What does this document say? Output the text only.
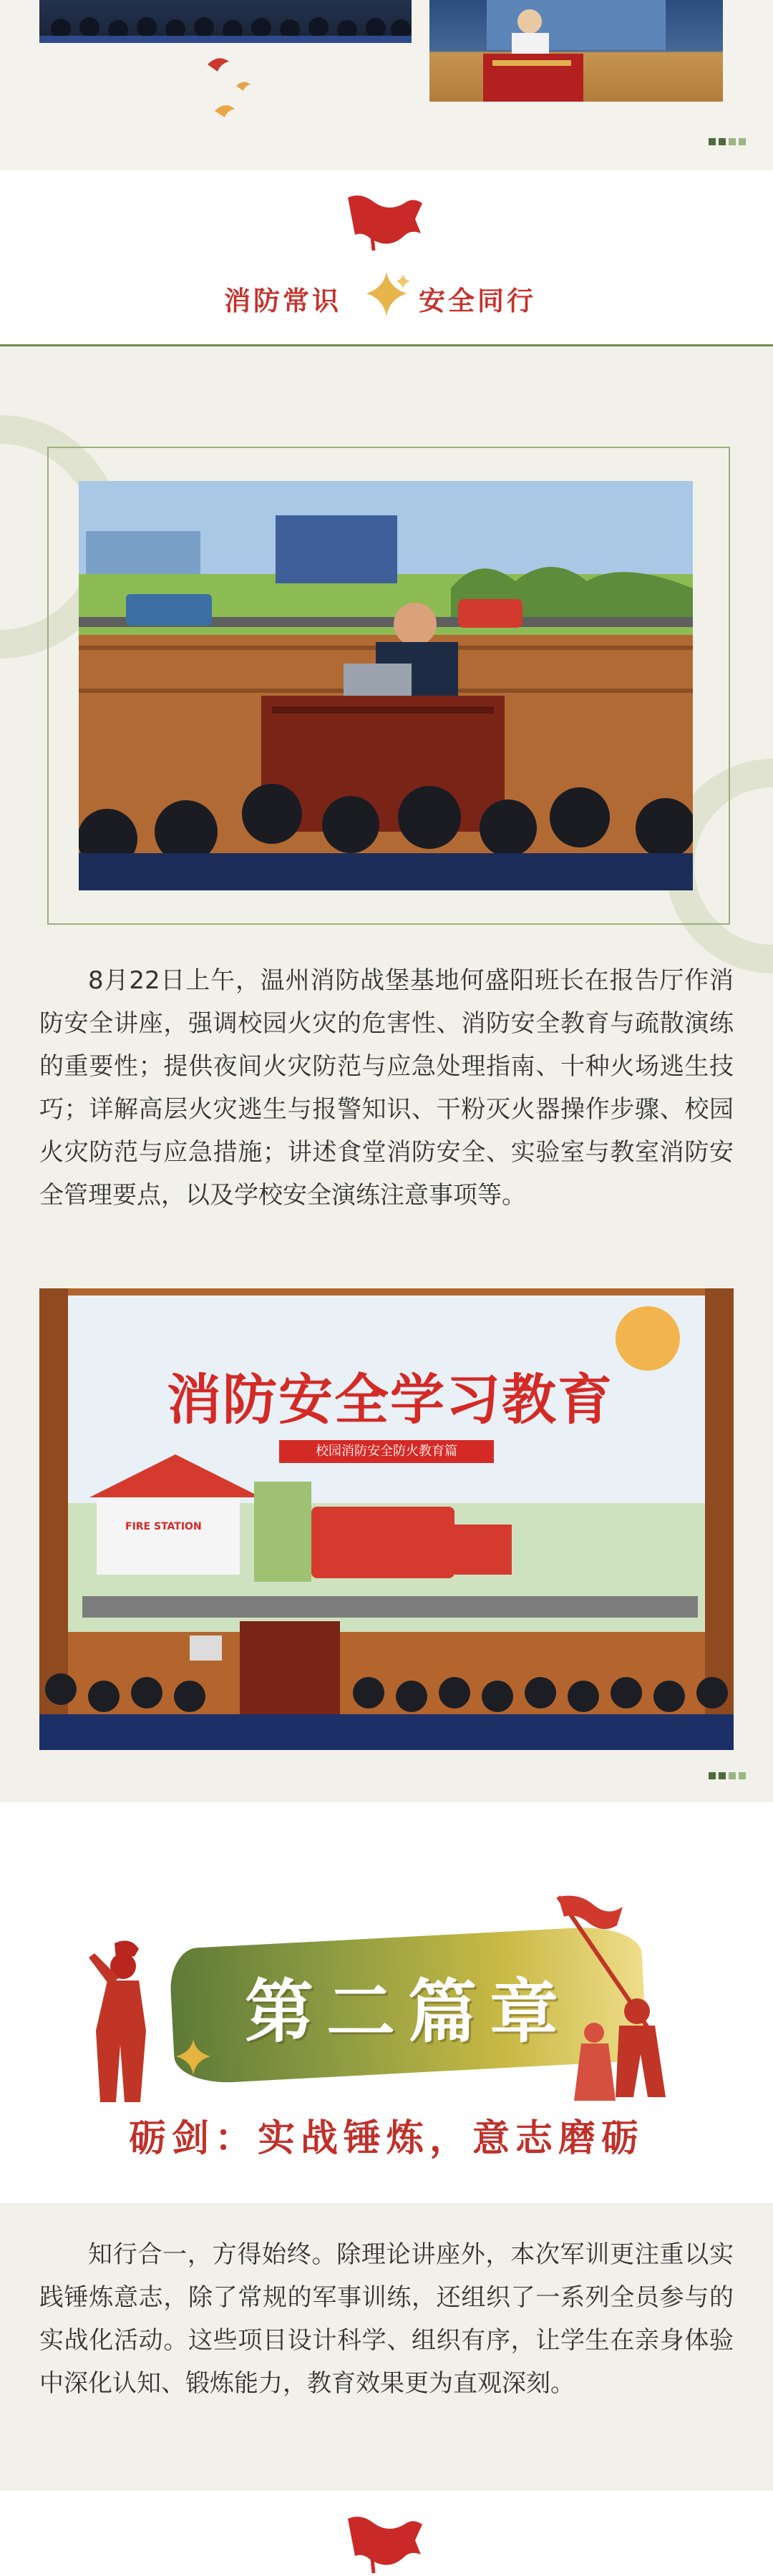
消防常识	安全同行
8月22日上午，温州消防战堡基地何盛阳班长在报告厅作消防安全讲座，强调校园火灾的危害性、消防安全教育与疏散演练的重要性；提供夜间火灾防范与应急处理指南、十种火场逃生技巧；详解高层火灾逃生与报警知识、干粉灭火器操作步骤、校园火灾防范与应急措施；讲述食堂消防安全、实验室与教室消防安全管理要点，以及学校安全演练注意事项等。
消防安全学习教育
校园消防安全防火教育篇
FIRE STATION
第二篇章
砺剑：实战锤炼，意志磨砺
知行合一，方得始终。除理论讲座外，本次军训更注重以实践锤炼意志，除了常规的军事训练，还组织了一系列全员参与的实战化活动。这些项目设计科学、组织有序，让学生在亲身体验中深化认知、锻炼能力，教育效果更为直观深刻。
